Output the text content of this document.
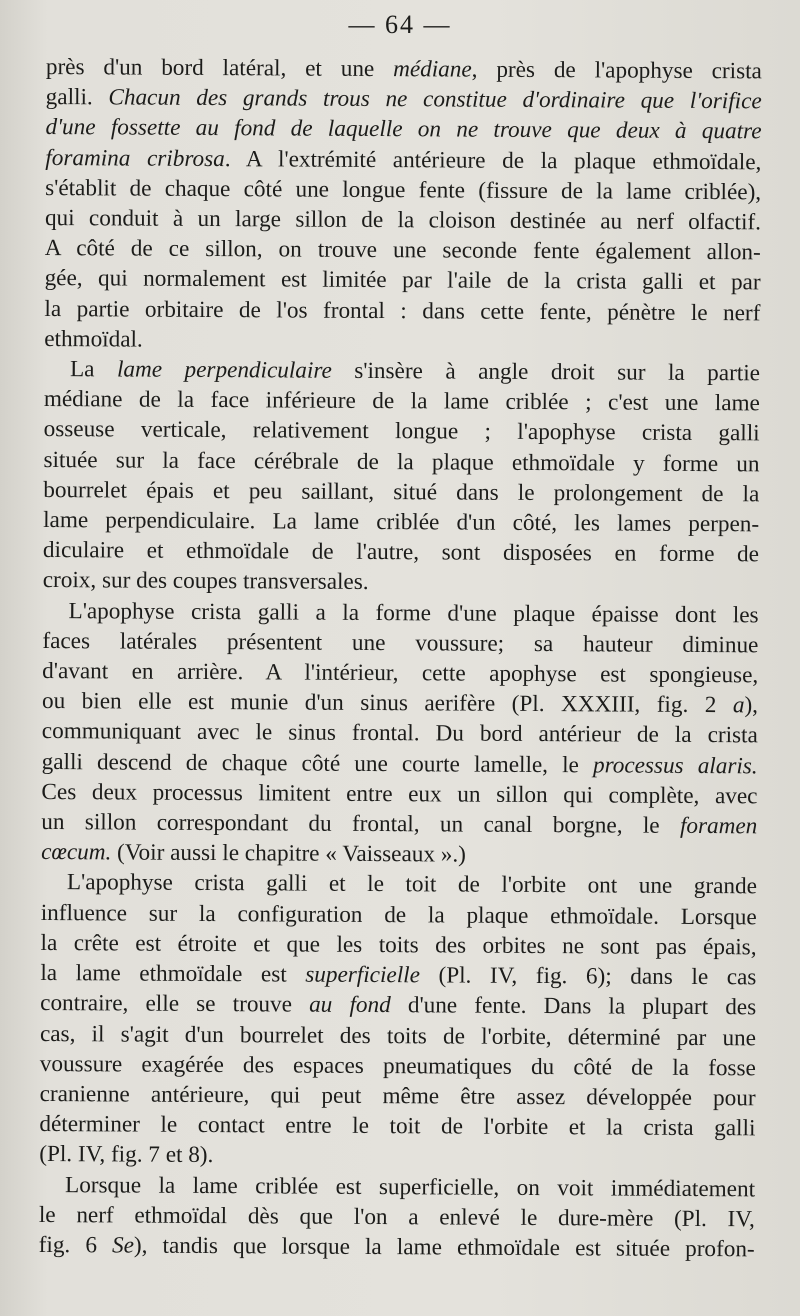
— 64 —
près d'un bord latéral, et une médiane, près de l'apophyse crista
galli. Chacun des grands trous ne constitue d'ordinaire que l'orifice
d'une fossette au fond de laquelle on ne trouve que deux à quatre
foramina cribrosa. A l'extrémité antérieure de la plaque ethmoïdale,
s'établit de chaque côté une longue fente (fissure de la lame criblée),
qui conduit à un large sillon de la cloison destinée au nerf olfactif.
A côté de ce sillon, on trouve une seconde fente également allon-
gée, qui normalement est limitée par l'aile de la crista galli et par
la partie orbitaire de l'os frontal : dans cette fente, pénètre le nerf
ethmoïdal.
La lame perpendiculaire s'insère à angle droit sur la partie
médiane de la face inférieure de la lame criblée ; c'est une lame
osseuse verticale, relativement longue ; l'apophyse crista galli
située sur la face cérébrale de la plaque ethmoïdale y forme un
bourrelet épais et peu saillant, situé dans le prolongement de la
lame perpendiculaire. La lame criblée d'un côté, les lames perpen-
diculaire et ethmoïdale de l'autre, sont disposées en forme de
croix, sur des coupes transversales.
L'apophyse crista galli a la forme d'une plaque épaisse dont les
faces latérales présentent une voussure; sa hauteur diminue
d'avant en arrière. A l'intérieur, cette apophyse est spongieuse,
ou bien elle est munie d'un sinus aerifère (Pl. XXXIII, fig. 2 a),
communiquant avec le sinus frontal. Du bord antérieur de la crista
galli descend de chaque côté une courte lamelle, le processus alaris.
Ces deux processus limitent entre eux un sillon qui complète, avec
un sillon correspondant du frontal, un canal borgne, le foramen
cœcum. (Voir aussi le chapitre « Vaisseaux ».)
L'apophyse crista galli et le toit de l'orbite ont une grande
influence sur la configuration de la plaque ethmoïdale. Lorsque
la crête est étroite et que les toits des orbites ne sont pas épais,
la lame ethmoïdale est superficielle (Pl. IV, fig. 6); dans le cas
contraire, elle se trouve au fond d'une fente. Dans la plupart des
cas, il s'agit d'un bourrelet des toits de l'orbite, déterminé par une
voussure exagérée des espaces pneumatiques du côté de la fosse
cranienne antérieure, qui peut même être assez développée pour
déterminer le contact entre le toit de l'orbite et la crista galli
(Pl. IV, fig. 7 et 8).
Lorsque la lame criblée est superficielle, on voit immédiatement
le nerf ethmoïdal dès que l'on a enlevé le dure-mère (Pl. IV,
fig. 6 Se), tandis que lorsque la lame ethmoïdale est située profon-
